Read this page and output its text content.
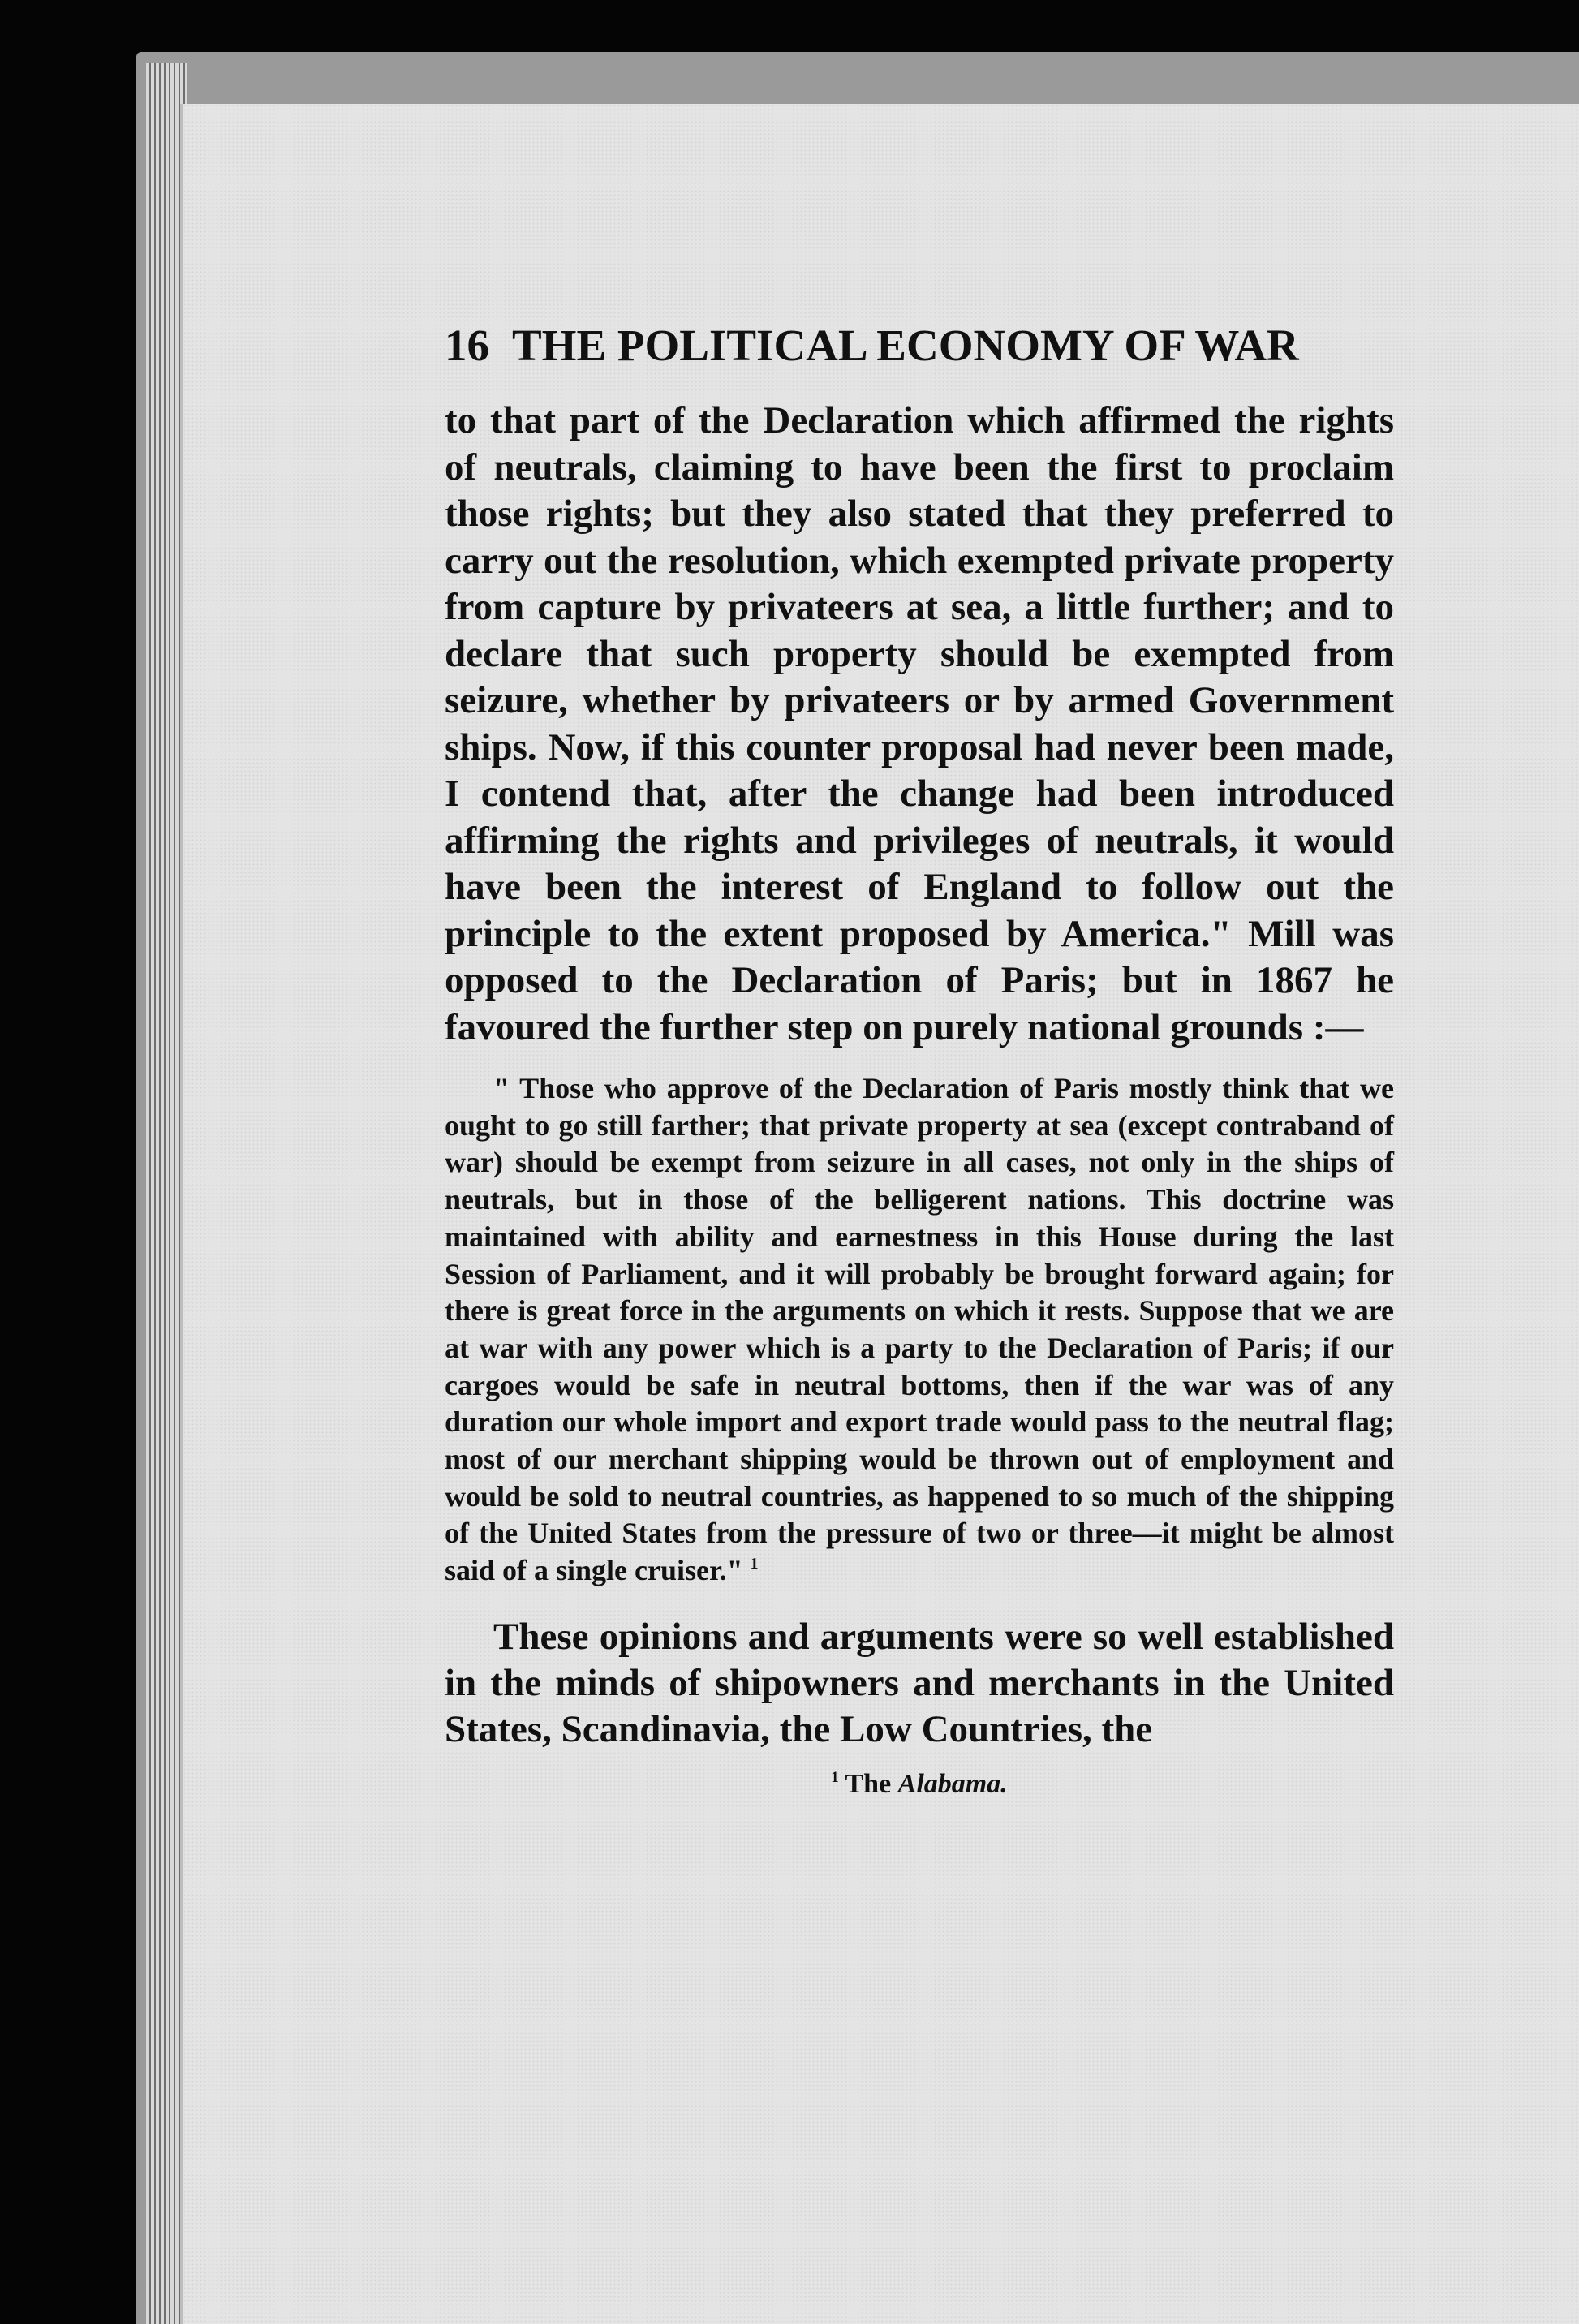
16 THE POLITICAL ECONOMY OF WAR

to that part of the Declaration which affirmed the rights of neutrals, claiming to have been the first to proclaim those rights; but they also stated that they preferred to carry out the resolution, which exempted private property from capture by privateers at sea, a little further; and to declare that such property should be exempted from seizure, whether by privateers or by armed Government ships. Now, if this counter proposal had never been made, I contend that, after the change had been introduced affirming the rights and privileges of neutrals, it would have been the interest of England to follow out the principle to the extent proposed by America." Mill was opposed to the Declaration of Paris; but in 1867 he favoured the further step on purely national grounds :—

" Those who approve of the Declaration of Paris mostly think that we ought to go still farther; that private property at sea (except contraband of war) should be exempt from seizure in all cases, not only in the ships of neutrals, but in those of the belligerent nations. This doctrine was maintained with ability and earnestness in this House during the last Session of Parliament, and it will probably be brought forward again; for there is great force in the arguments on which it rests. Suppose that we are at war with any power which is a party to the Declaration of Paris; if our cargoes would be safe in neutral bottoms, then if the war was of any duration our whole import and export trade would pass to the neutral flag; most of our merchant shipping would be thrown out of employment and would be sold to neutral countries, as happened to so much of the shipping of the United States from the pressure of two or three—it might be almost said of a single cruiser." $^1$

These opinions and arguments were so well established in the minds of shipowners and merchants in the United States, Scandinavia, the Low Countries, the

$^1$ The Alabama.
